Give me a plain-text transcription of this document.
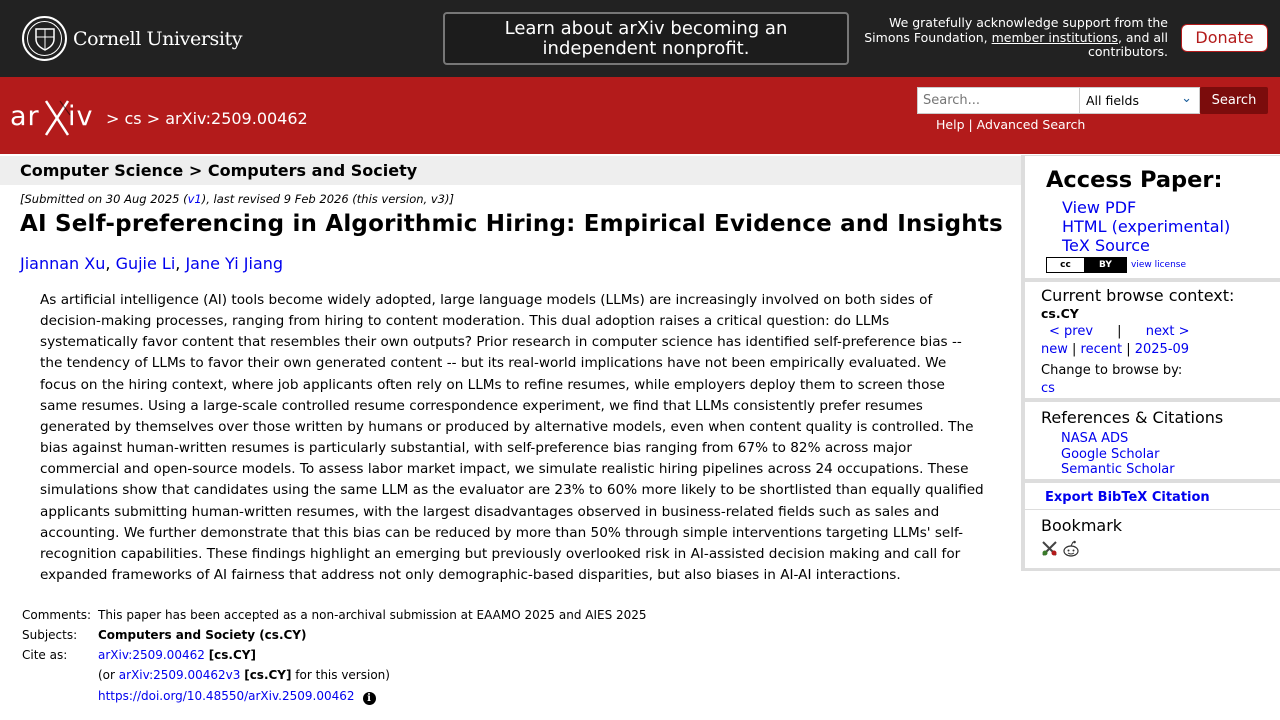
Cornell University	Learn about arXiv becoming an independent nonprofit.
We gratefully acknowledge support from the Simons Foundation, member institutions, and all contributors.
Donate
ar iv > cs > arXiv:2509.00462
Search...
All fields	⌄	Search
Help | Advanced Search
Computer Science > Computers and Society
[Submitted on 30 Aug 2025 (v1), last revised 9 Feb 2026 (this version, v3)]
AI Self-preferencing in Algorithmic Hiring: Empirical Evidence and Insights
Jiannan Xu, Gujie Li, Jane Yi Jiang
As artificial intelligence (AI) tools become widely adopted, large language models (LLMs) are increasingly involved on both sides of decision-making processes, ranging from hiring to content moderation. This dual adoption raises a critical question: do LLMs systematically favor content that resembles their own outputs? Prior research in computer science has identified self-preference bias -- the tendency of LLMs to favor their own generated content -- but its real-world implications have not been empirically evaluated. We focus on the hiring context, where job applicants often rely on LLMs to refine resumes, while employers deploy them to screen those same resumes. Using a large-scale controlled resume correspondence experiment, we find that LLMs consistently prefer resumes generated by themselves over those written by humans or produced by alternative models, even when content quality is controlled. The bias against human-written resumes is particularly substantial, with self-preference bias ranging from 67% to 82% across major commercial and open-source models. To assess labor market impact, we simulate realistic hiring pipelines across 24 occupations. These simulations show that candidates using the same LLM as the evaluator are 23% to 60% more likely to be shortlisted than equally qualified applicants submitting human-written resumes, with the largest disadvantages observed in business-related fields such as sales and accounting. We further demonstrate that this bias can be reduced by more than 50% through simple interventions targeting LLMs' self-recognition capabilities. These findings highlight an emerging but previously overlooked risk in AI-assisted decision making and call for expanded frameworks of AI fairness that address not only demographic-based disparities, but also biases in AI-AI interactions.
Comments: This paper has been accepted as a non-archival submission at EAAMO 2025 and AIES 2025
Subjects: Computers and Society (cs.CY)
Cite as:	arXiv:2509.00462 [cs.CY]
(or arXiv:2509.00462v3 [cs.CY] for this version)
https://doi.org/10.48550/arXiv.2509.00462 i
Access Paper:
View PDF
HTML (experimental)
TeX Source
cc	BY	view license
Current browse context:
cs.CY
< prev | next >
new | recent | 2025-09
Change to browse by:
cs
References & Citations
NASA ADS
Google Scholar
Semantic Scholar
Export BibTeX Citation
Bookmark
